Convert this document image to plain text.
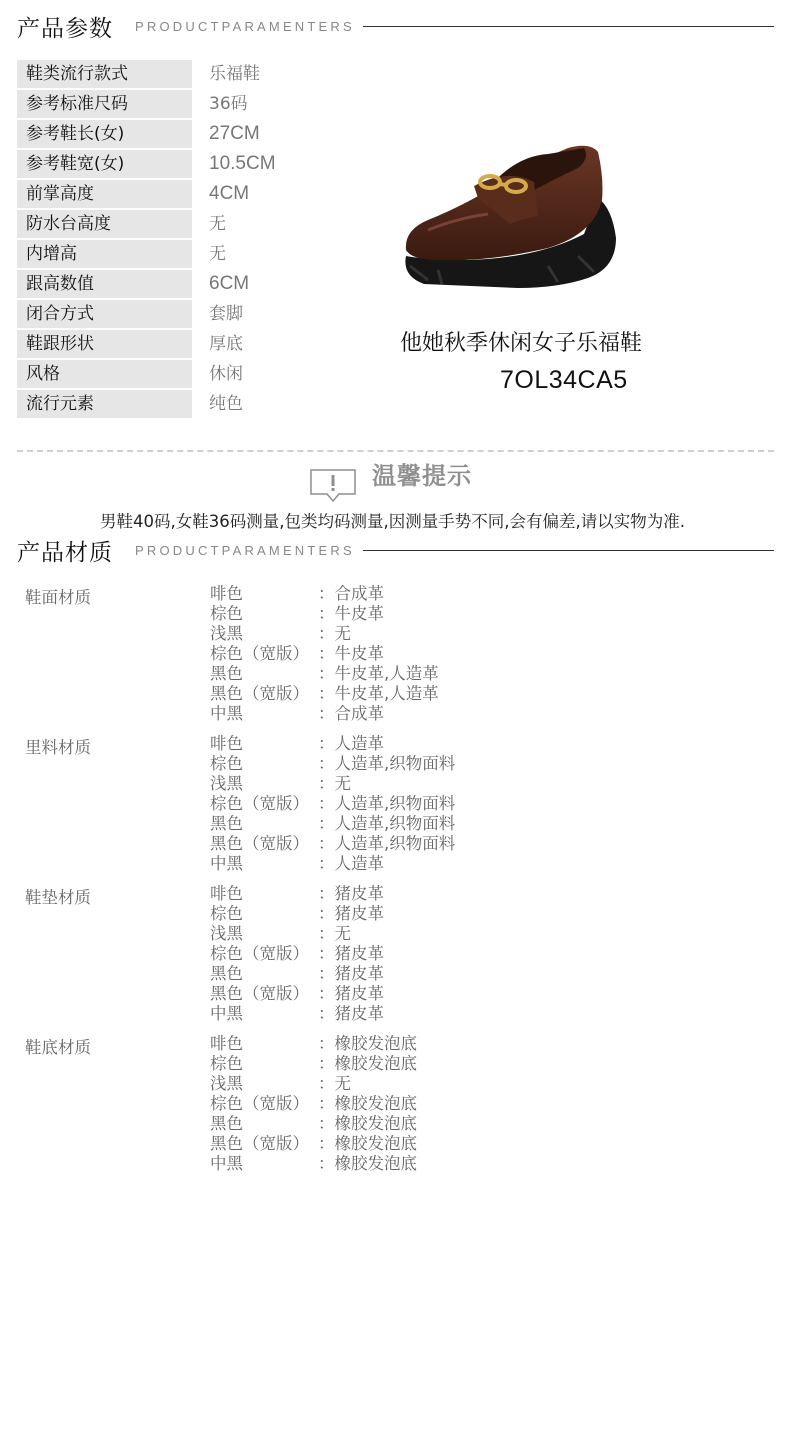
产品参数 PRODUCTPARAMENTERS
鞋类流行款式	乐福鞋
参考标准尺码	36码
参考鞋长(女)	27CM
参考鞋宽(女)	10.5CM
前掌高度	4CM
防水台高度	无
内增高	无
跟高数值	6CM
闭合方式	套脚
鞋跟形状	厚底
风格	休闲
流行元素	纯色
他她秋季休闲女子乐福鞋
7OL34CA5
温馨提示
男鞋40码,女鞋36码测量,包类均码测量,因测量手势不同,会有偏差,请以实物为准.
产品材质 PRODUCTPARAMENTERS
鞋面材质	啡色	：合成革
棕色	：牛皮革
浅黑	：无
棕色（宽版） ：牛皮革
黑色	：牛皮革,人造革
黑色（宽版） ：牛皮革,人造革
中黑	：合成革
里料材质	啡色	：人造革
棕色	：人造革,织物面料
浅黑	：无
棕色（宽版） ：人造革,织物面料
黑色	：人造革,织物面料
黑色（宽版） ：人造革,织物面料
中黑	：人造革
鞋垫材质	啡色	：猪皮革
棕色	：猪皮革
浅黑	：无
棕色（宽版） ：猪皮革
黑色	：猪皮革
黑色（宽版） ：猪皮革
中黑	：猪皮革
鞋底材质	啡色	：橡胶发泡底
棕色	：橡胶发泡底
浅黑	：无
棕色（宽版） ：橡胶发泡底
黑色	：橡胶发泡底
黑色（宽版） ：橡胶发泡底
中黑	：橡胶发泡底
